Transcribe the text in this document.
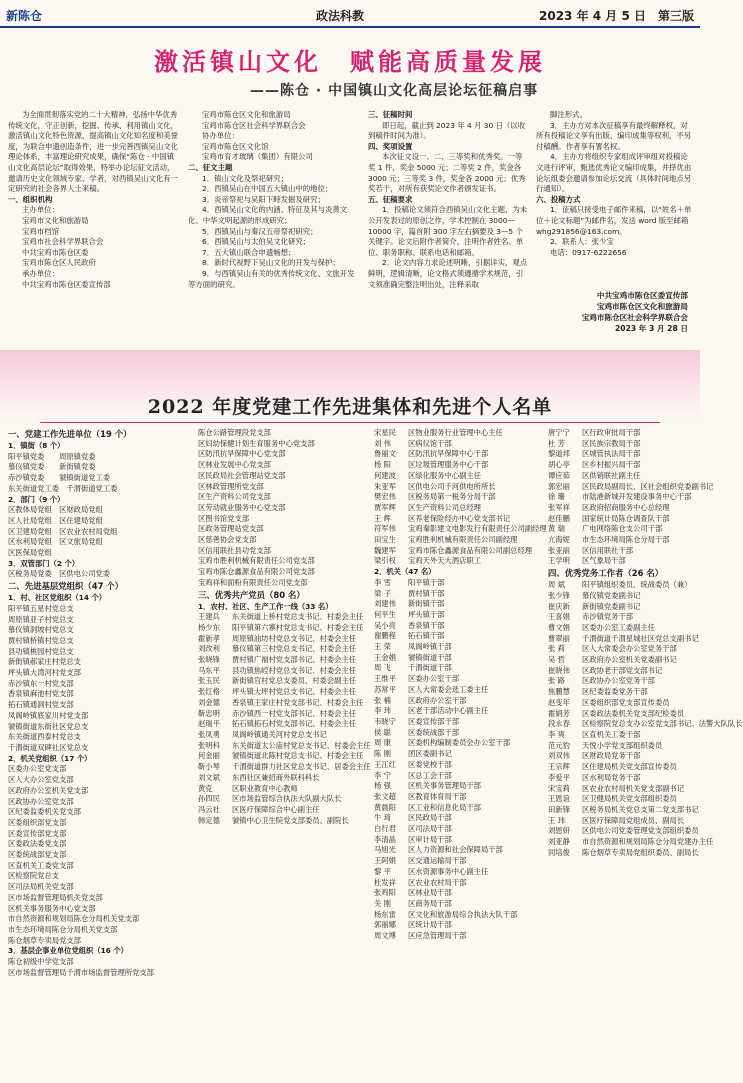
新陈仓	政法科教	2023 年 4 月 5 日　第三版
激活镇山文化　赋能高质量发展
——陈仓 · 中国镇山文化高层论坛征稿启事

为全面贯彻落实党的二十大精神，弘扬中华优秀传统文化，守正创新，挖掘、传承、利用镇山文化，激活镇山文化特色资源，提高镇山文化知名度和美誉度，为联合申遗创造条件，进一步完善西镇吴山文化理论体系，丰富理论研究成果，确保“陈仓 · 中国镇山文化高层论坛”取得效果，特举办论坛征文活动，邀请历史文化领域专家、学者，对西镇吴山文化有一定研究的社会各界人士来稿。

一、组织机构

主办单位：

宝鸡市文化和旅游局

宝鸡市档馆

宝鸡市社会科学界联合会

中共宝鸡市陈仓区委

宝鸡市陈仓区人民政府

承办单位：

中共宝鸡市陈仓区委宣传部

宝鸡市陈仓区文化和旅游局

宝鸡市陈仓区社会科学界联合会

协办单位：

宝鸡市陈仓区文化馆

宝鸡市育才玻璃（集团）有限公司

二、征文主题

1．镇山文化及祭祀研究；

2．西镇吴山在中国五大镇山中的地位；

3．炎帝祭祀与吴阳下畤发掘及研究；

4．西镇吴山文化的内涵、特征及其与炎黄文化、中华文明起源的形成研究；

5．西镇吴山与秦汉五帝祭祀研究；

6．西镇吴山与太伯吴文化研究；

7．五大镇山联合申遗畅想；

8．新时代视野下吴山文化的开发与保护；

9．与西镇吴山有关的优秀传统文化、文旅开发等方面的研究。

三、征稿时间

即日起，截止到 2023 年 4 月 30 日（以收到稿件时间为准）。

四、奖项设置

本次征文设一、二、三等奖和优秀奖。一等奖 1 件，奖金 5000 元；二等奖 2 件，奖金各 3000 元；三等奖 3 件，奖金各 2000 元；优秀奖若干，对所有获奖论文作者颁发证书。

五、征稿要求

1．投稿论文须符合西镇吴山文化主题，为未公开发表过的原创之作，学术控制在 3000—10000 字，篇首附 300 字左右摘要及 3—5 个关键字。论文后附作者简介，注明作者姓名、单位、职务职称、联系电话和邮箱。

2．论文内容力求论述明晰，引据详实，观点鲜明，逻辑清晰，论文格式须遵循学术规范，引文须准确完整注明出处，注释采取

脚注形式。

3．主办方对本次征稿享有最终解释权，对所有投稿论文享有出版、编印成集等权利，不另付稿酬。作者享有署名权。

4．主办方将组织专家组成评审组对投稿论文进行评审，甄选优秀论文编印成集，并择优由论坛组委会邀请参加论坛交流（具体时间地点另行通知）。

六、投稿方式

1．征稿只接受电子邮件来稿，以“姓名＋单位＋论文标题”为邮件名，发送 word 版至邮箱 whg291856@163.com。

2．联系人：张少宝

电话：0917-6222656

中共宝鸡市陈仓区委宣传部
宝鸡市陈仓区文化和旅游局
宝鸡市陈仓区社会科学界联合会
2023 年 3 月 28 日
2022 年度党建工作先进集体和先进个人名单
一、党建工作先进单位（19 个）
1．镇街（8 个）
阳平镇党委　　周原镇党委
慕仪镇党委　　新街镇党委
赤沙镇党委　　虢镇街道党工委
东关街道党工委　千渭街道党工委
2．部门（9 个）
区教体局党组　区财政局党组
区人社局党组　区住建局党组
区卫建局党组　区农业农村局党组
区水利局党组　区文旅局党组
区医保局党组
3．双管部门（2 个）
区税务局党委　区供电公司党委
二、先进基层党组织（47 个）
1．村、社区党组织（14 个）
阳平镇五星村党总支
周原镇亚子村党总支
慕仪镇洞坡村党总支
贾村镇桥镇村党总支
县功镇桃园村党总支
新街镇郝家庄村党总支
坪头镇大湾河村党支部
赤沙镇东一村党支部
香泉镇麻池村党支部
拓石镇通洞村党支部
凤阁岭镇底家川村党支部
虢镇街道东街社区党总支
东关街道西泰村党总支
千渭街道双碑社区党总支
2．机关党组织（17 个）
区委办公室党支部
区人大办公室党支部
区政府办公室机关党支部
区政协办公室党支部
区纪委监委机关党支部
区委组织部党支部
区委宣传部党支部
区委政法委党支部
区委统战部党支部
区直机关工委党支部
区检察院党总支
区司法局机关党支部
区市场监督管理局机关党支部
区机关事务服务中心党支部
市自然资源和规划局陈仓分局机关党支部
市生态环境局陈仓分局机关党支部
陈仓烟草专卖局党支部
3．基层企事业单位党组织（16 个）
陈仓初级中学党支部
区市场监督管理局千渭市场监督管理所党支部
陈仓公路管理段党支部
区妇幼保健计划生育服务中心党支部
区防汛抗旱保障中心党支部
区林业发展中心党支部
区民政局社会管理站党支部
区林政管理所党支部
区生产资料公司党支部
区劳动就业服务中心党支部
区图书馆党支部
区政务管理站党支部
区慈善协会党支部
区信用联社县功党支部
宝鸡市胜利机械有限责任公司党支部
宝鸡市陈仓鑫源食品有限公司党支部
宝鸡祥和面粉有限责任公司党支部
三、优秀共产党员（80 名）
1．农村、社区、生产工作一线（33 名）
王建兵 东关街道上桥村党总支书记、村委会主任
杨少东 阳平镇第六寨村党总支书记、村委会主任
霍新孝 周原镇油坊村党总支书记、村委会主任
刘改利 慕仪镇第三村党总支书记、村委会主任
张晓锋 贾村镇广福村党支部书记、村委会主任
马东平 县功镇焦崆村党总支书记、村委会主任
张玉民 新街镇官村党总支委员、村委会副主任
张红格 坪头镇大坪村党总支书记、村委会主任
刘金德 香泉镇王家庄村党支部书记、村委会主任
靳忠明 赤沙镇西一村党支部书记、村委会主任
赵瑞平 拓石镇拓石村党支部书记、村委会主任
张凤勇 凤阁岭镇通关河村党总支书记
张明科 东关街道太公庙村党总支书记、村委会主任
何金丽 虢镇街道北陈村党总支书记、村委会主任
靳小琴 千渭街道群力社区党总支书记、居委会主任
刘文斌 东西社区兼招商外联科科长
黄克	区职业教育中心教师
孙四民 区市场监管综合执法大队副大队长
冯云社 区医疗保障综合中心副主任
韩定德 虢镇中心卫生院党支部委员、副院长
宋星民 区物业服务行业管理中心主任
刘 伟 区病仪馆干部
鲁丽文 区防汛抗旱保障中心干部
杨 阳 区垃圾管理服务中心干部
何建波 区绿化服务中心副主任
朱亚军 区供电公司千河供电所所长
樊宏伟 区税务局第一税务分局干部
贾军辉 区生产资料公司总经理
王 辉 区养老保险经办中心党支部书记
符军伟 宝鸡秦影建文电影发行有限责任公司副经理
田宝生 宝鸡胜利机械有限责任公司副经理
魏建军 宝鸡市陈仓鑫源食品有限公司副总经理
梁引权 宝鸡天外天大酒店职工
2．机关（47 名）
李 雪 阳平镇干部
梁 子 贾村镇干部
刘建伟 新街镇干部
何平生 坪头镇干部
吴小亮 香泉镇干部
谢鹏程 拓石镇干部
王 荣 凤阁岭镇干部
王金娟 虢镇街道干部
周 飞 千渭街道干部
王维平 区委办公室干部
苏常平 区人大常委会选工委主任
张 楠 区政府办公室干部
李 玮 区老干部活动中心副主任
韦晓宁 区委宣传部干部
侯 聪 区委统战部干部
周 康 区委机构编制委员会办公室干部
陈 刚 团区委副书记
王江红 区委党校干部
李 宁 区总工会干部
杨 强 区机关事务管理局干部
张文超 区教育体育局干部
黄晨阳 区工业和信息化局干部
牛 琦 区民政局干部
白行君 区司法局干部
李清晶 区审计局干部
马旭光 区人力资源和社会保障局干部
王阿娟 区交通运输局干部
黎 平 区水资源事务中心副主任
杜发祥 区农业农村局干部
张鸡阳 区林业局干部
关 刚 区商务局干部
杨东雷 区文化和旅游局综合执法大队干部
郭丽娜 区统计局干部
周文博 区应急管理局干部
唐宁宁 区行政审批局干部
杜 芳 区民族宗教局干部
黎道邦 区城管执法局干部
胡心亭 区乡村振兴局干部
谭应茹 区供销联社副主任
郭宏丽 区民政局副局长、区社会组织党委副书记
徐 珊 市陆港新城开发建设事务中心干部
张军祥 区政府招商服务中心总经理
赵佳鹏 国家统计局陈仓调查队干部
黄 瑞 广电网络陈仓支公司干部
亢海妮 市生态环境局陈仓分局干部
张亚丽 区信用联社干部
王学明 区气象局干部
四、优秀党务工作者（26 名）
周 斌 阳平镇组织委员、统战委员（兼）
张少锋 慕仪镇党委副书记
崔庆新 新街镇党委副书记
王喜娟 赤沙镇党务干部
曹文娟 区委办公室工委副主任
曹翠丽 千渭街道千渭星城社区党总支副书记
张 莉 区人大常委会办公室党务干部
吴 哲 区政府办公室机关党委副书记
崔晓伟 区政协老干部党支部书记
张 路 区政协办公室党务干部
焦鹏慧 区纪委监委党务干部
赵变年 区委组织部党支部宣传委员
霍娟芳 区委政法委机关党支部纪检委员
段永春 区检察院党总支办公室党支部书记、法警大队队长
李 爽 区直机关工委干部
范元豹 天悦小学党支部组织委员
刘双伟 区财政局党务干部
王宗辉 区住建局机关党支部宣传委员
李爱平 区水利局党务干部
宋宝莉 区农业农村局机关党支部副书记
王恩谊 区卫健局机关党支部组织委员
田新锋 区税务局机关党总支第二党支部书记
王 玮 区医疗保障局党组成员、副局长
刘恩妍 区供电公司党委管理党支部组织委员
刘亚静 市自然资源和规划局陈仓分局党建办主任
同培俊 陈仓烟草专卖局党组织委员、副局长
